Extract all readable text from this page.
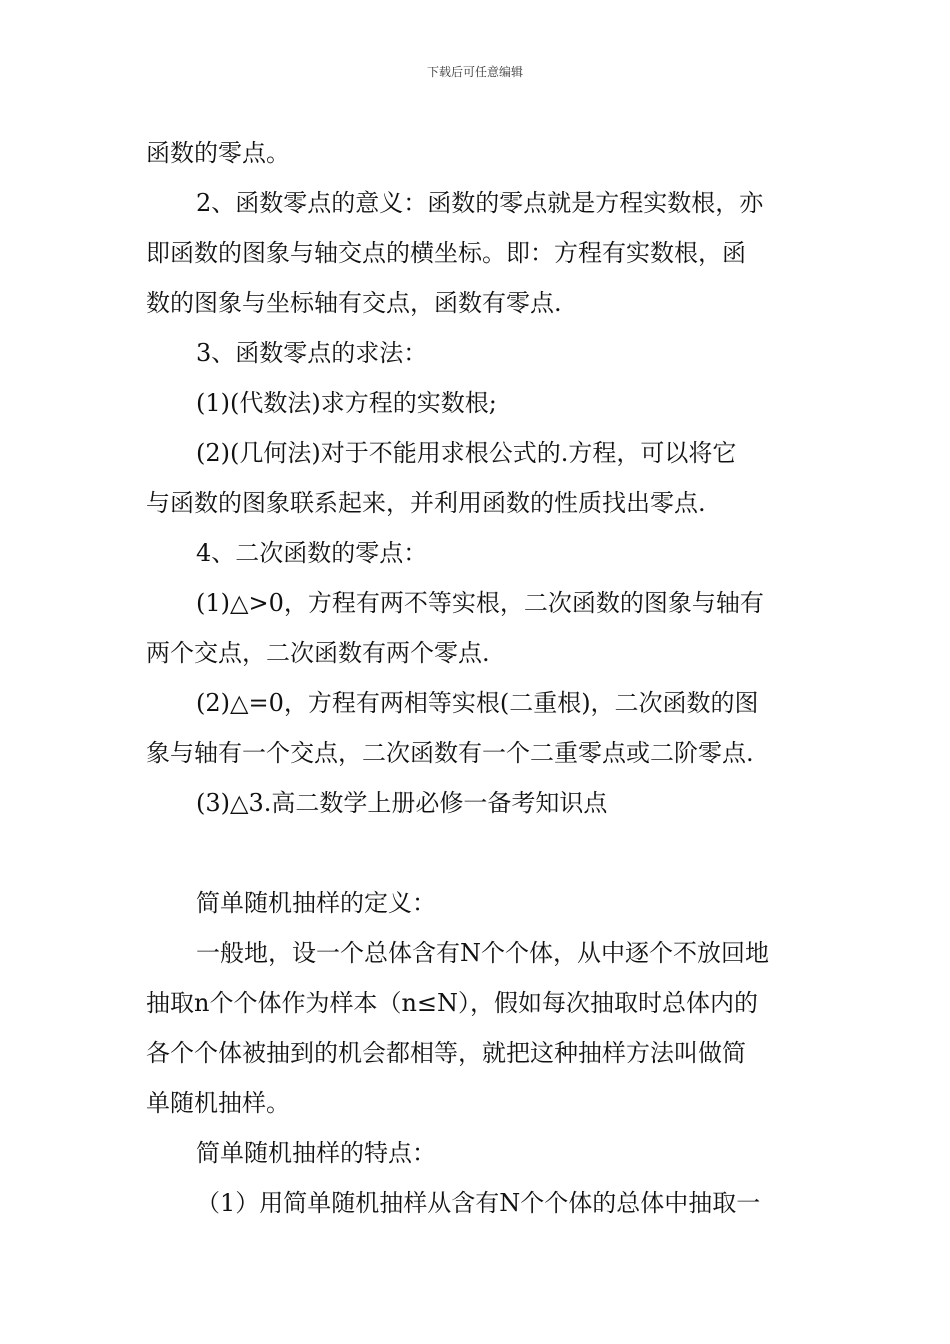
下载后可任意编辑
函数的零点。
2、函数零点的意义：函数的零点就是方程实数根，亦
即函数的图象与轴交点的横坐标。即：方程有实数根，函
数的图象与坐标轴有交点，函数有零点.
3、函数零点的求法：
(1)(代数法)求方程的实数根;
(2)(几何法)对于不能用求根公式的.方程，可以将它
与函数的图象联系起来，并利用函数的性质找出零点.
4、二次函数的零点：
(1)△>0，方程有两不等实根，二次函数的图象与轴有
两个交点，二次函数有两个零点.
(2)△=0，方程有两相等实根(二重根)，二次函数的图
象与轴有一个交点，二次函数有一个二重零点或二阶零点.
(3)△3.高二数学上册必修一备考知识点
简单随机抽样的定义：
一般地，设一个总体含有N个个体，从中逐个不放回地
抽取n个个体作为样本（n≤N），假如每次抽取时总体内的
各个个体被抽到的机会都相等，就把这种抽样方法叫做简
单随机抽样。
简单随机抽样的特点：
（1）用简单随机抽样从含有N个个体的总体中抽取一
